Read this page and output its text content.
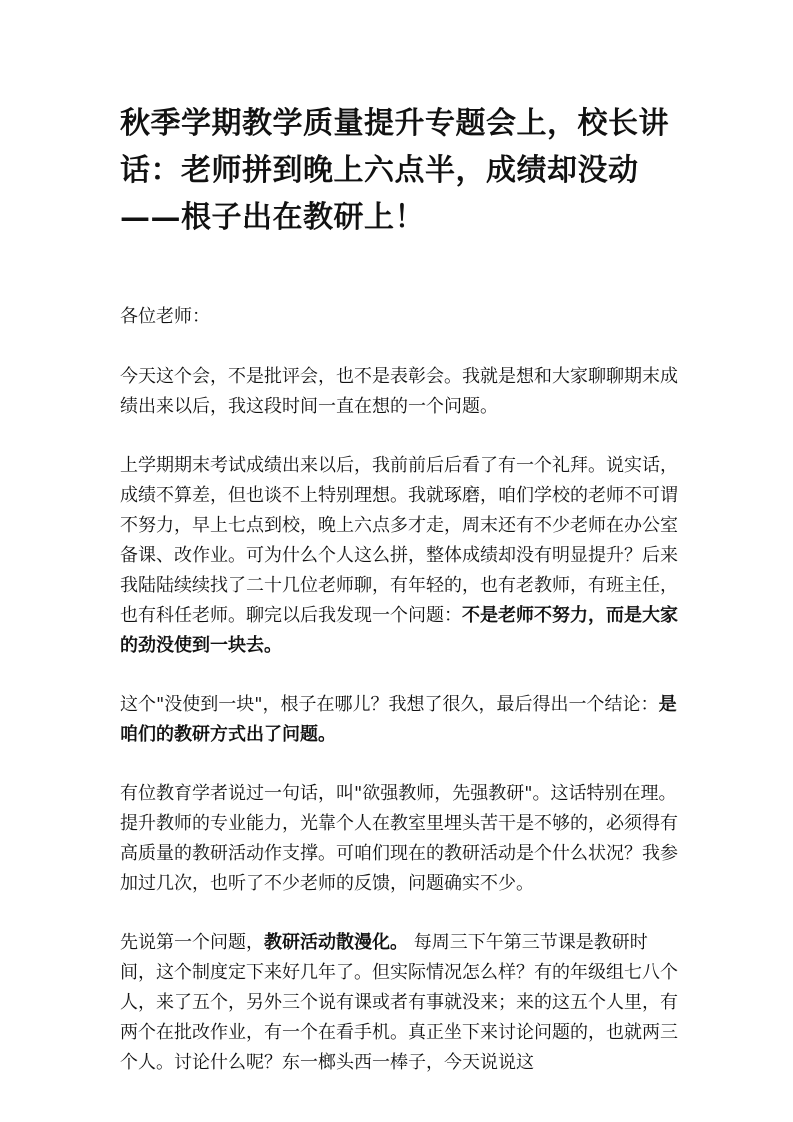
秋季学期教学质量提升专题会上，校长讲话：老师拼到晚上六点半，成绩却没动——根子出在教研上！

各位老师：

今天这个会，不是批评会，也不是表彰会。我就是想和大家聊聊期末成绩出来以后，我这段时间一直在想的一个问题。

上学期期末考试成绩出来以后，我前前后后看了有一个礼拜。说实话，成绩不算差，但也谈不上特别理想。我就琢磨，咱们学校的老师不可谓不努力，早上七点到校，晚上六点多才走，周末还有不少老师在办公室备课、改作业。可为什么个人这么拼，整体成绩却没有明显提升？后来我陆陆续续找了二十几位老师聊，有年轻的，也有老教师，有班主任，也有科任老师。聊完以后我发现一个问题：不是老师不努力，而是大家的劲没使到一块去。

这个"没使到一块"，根子在哪儿？我想了很久，最后得出一个结论：是咱们的教研方式出了问题。

有位教育学者说过一句话，叫"欲强教师，先强教研"。这话特别在理。提升教师的专业能力，光靠个人在教室里埋头苦干是不够的，必须得有高质量的教研活动作支撑。可咱们现在的教研活动是个什么状况？我参加过几次，也听了不少老师的反馈，问题确实不少。

先说第一个问题，教研活动散漫化。 每周三下午第三节课是教研时间，这个制度定下来好几年了。但实际情况怎么样？有的年级组七八个人，来了五个，另外三个说有课或者有事就没来；来的这五个人里，有两个在批改作业，有一个在看手机。真正坐下来讨论问题的，也就两三个人。讨论什么呢？东一榔头西一棒子，今天说说这
